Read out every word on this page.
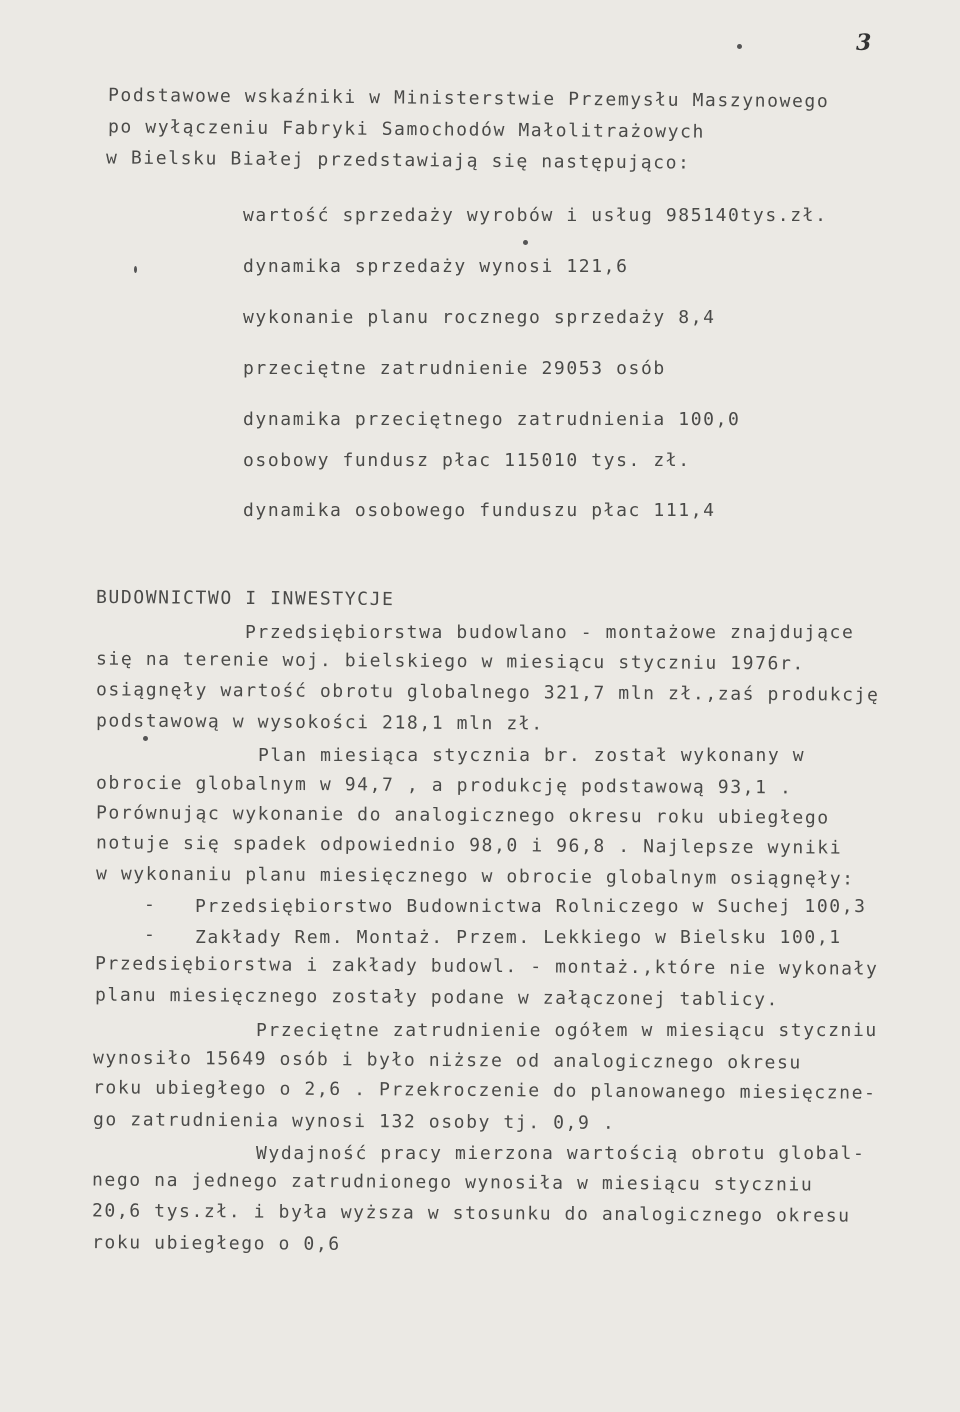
3
Podstawowe wskaźniki w Ministerstwie Przemysłu Maszynowego
po wyłączeniu Fabryki Samochodów Małolitrażowych
w Bielsku Białej przedstawiają się następująco:
wartość sprzedaży wyrobów i usług 985140tys.zł.
dynamika sprzedaży wynosi 121,6
wykonanie planu rocznego sprzedaży 8,4
przeciętne zatrudnienie 29053 osób
dynamika przeciętnego zatrudnienia 100,0
osobowy fundusz płac 115010 tys. zł.
dynamika osobowego funduszu płac 111,4
BUDOWNICTWO I INWESTYCJE
Przedsiębiorstwa budowlano - montażowe znajdujące
się na terenie woj. bielskiego w miesiącu styczniu 1976r.
osiągnęły wartość obrotu globalnego 321,7 mln zł.,zaś produkcję
podstawową w wysokości 218,1 mln zł.
Plan miesiąca stycznia br. został wykonany w
obrocie globalnym w 94,7 , a produkcję podstawową 93,1 .
Porównując wykonanie do analogicznego okresu roku ubiegłego
notuje się spadek odpowiednio 98,0 i 96,8 . Najlepsze wyniki
w wykonaniu planu miesięcznego w obrocie globalnym osiągnęły:
- Przedsiębiorstwo Budownictwa Rolniczego w Suchej 100,3
- Zakłady Rem. Montaż. Przem. Lekkiego w Bielsku 100,1
Przedsiębiorstwa i zakłady budowl. - montaż.,które nie wykonały
planu miesięcznego zostały podane w załączonej tablicy.
Przeciętne zatrudnienie ogółem w miesiącu styczniu
wynosiło 15649 osób i było niższe od analogicznego okresu
roku ubiegłego o 2,6 . Przekroczenie do planowanego miesięczne-
go zatrudnienia wynosi 132 osoby tj. 0,9 .
Wydajność pracy mierzona wartością obrotu global-
nego na jednego zatrudnionego wynosiła w miesiącu styczniu
20,6 tys.zł. i była wyższa w stosunku do analogicznego okresu
roku ubiegłego o 0,6
